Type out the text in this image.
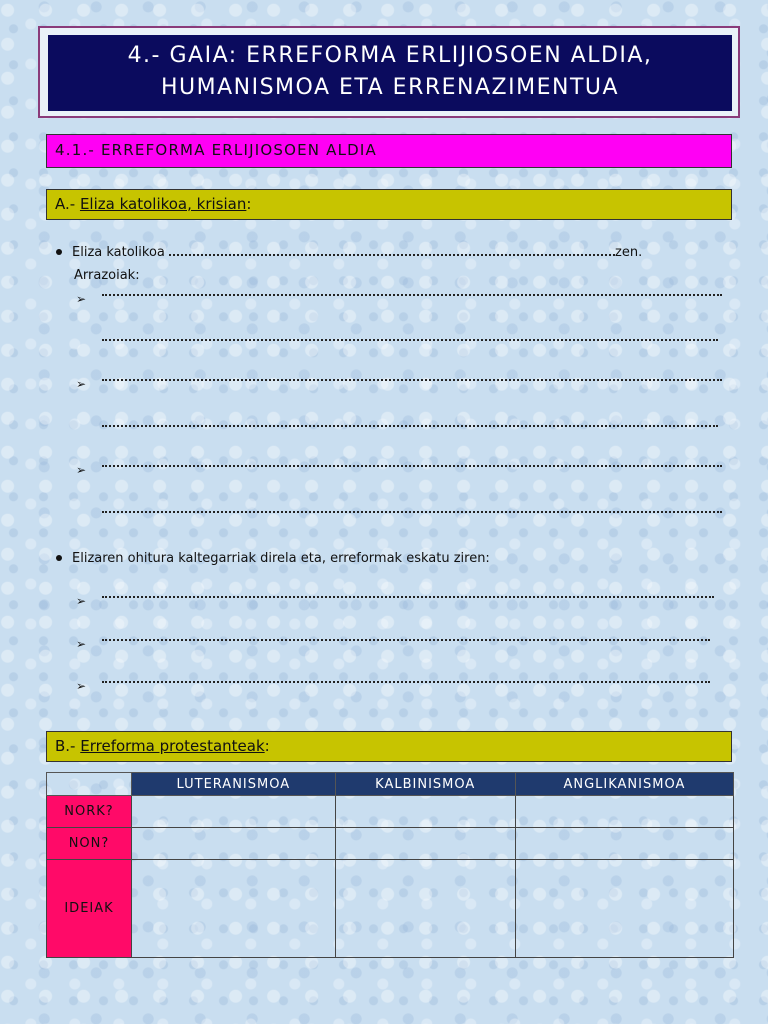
4.- GAIA: ERREFORMA ERLIJIOSOEN ALDIA,
HUMANISMOA ETA ERRENAZIMENTUA
4.1.- ERREFORMA ERLIJIOSOEN ALDIA
A.- Eliza katolikoa, krisian:
Eliza katolikoa	zen.
Arrazoiak:
➢
➢
➢
Elizaren ohitura kaltegarriak direla eta, erreformak eskatu ziren:
➢
➢
➢
B.- Erreforma protestanteak:
	LUTERANISMOA	KALBINISMOA	ANGLIKANISMOA
NORK?			
NON?			
IDEIAK			
